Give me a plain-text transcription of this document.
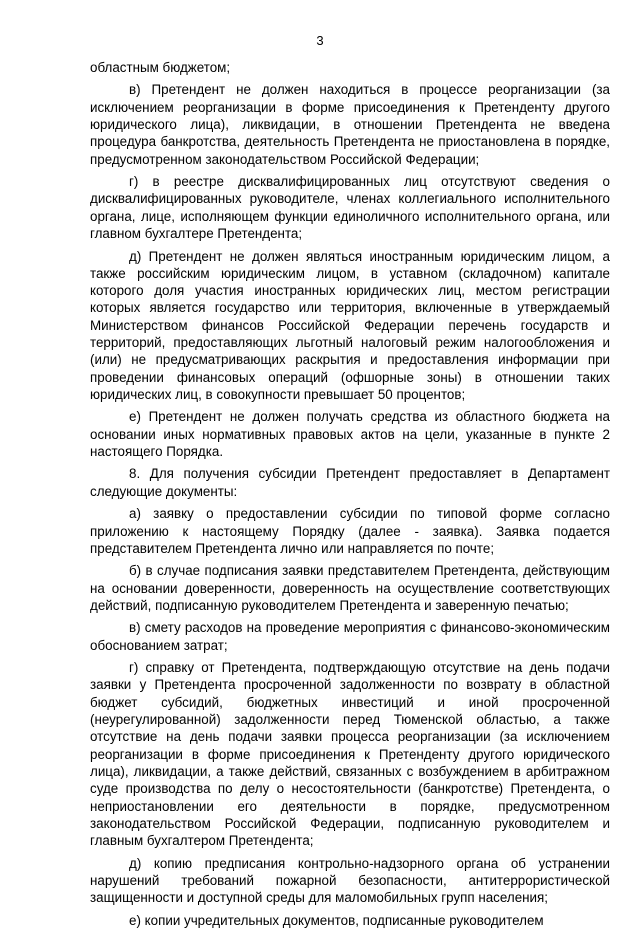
3

областным бюджетом;

в) Претендент не должен находиться в процессе реорганизации (за исключением реорганизации в форме присоединения к Претенденту другого юридического лица), ликвидации, в отношении Претендента не введена процедура банкротства, деятельность Претендента не приостановлена в порядке, предусмотренном законодательством Российской Федерации;

г) в реестре дисквалифицированных лиц отсутствуют сведения о дисквалифицированных руководителе, членах коллегиального исполнительного органа, лице, исполняющем функции единоличного исполнительного органа, или главном бухгалтере Претендента;

д) Претендент не должен являться иностранным юридическим лицом, а также российским юридическим лицом, в уставном (складочном) капитале которого доля участия иностранных юридических лиц, местом регистрации которых является государство или территория, включенные в утверждаемый Министерством финансов Российской Федерации перечень государств и территорий, предоставляющих льготный налоговый режим налогообложения и (или) не предусматривающих раскрытия и предоставления информации при проведении финансовых операций (офшорные зоны) в отношении таких юридических лиц, в совокупности превышает 50 процентов;

е) Претендент не должен получать средства из областного бюджета на основании иных нормативных правовых актов на цели, указанные в пункте 2 настоящего Порядка.

8. Для получения субсидии Претендент предоставляет в Департамент следующие документы:

а) заявку о предоставлении субсидии по типовой форме согласно приложению к настоящему Порядку (далее - заявка). Заявка подается представителем Претендента лично или направляется по почте;

б) в случае подписания заявки представителем Претендента, действующим на основании доверенности, доверенность на осуществление соответствующих действий, подписанную руководителем Претендента и заверенную печатью;

в) смету расходов на проведение мероприятия с финансово-экономическим обоснованием затрат;

г) справку от Претендента, подтверждающую отсутствие на день подачи заявки у Претендента просроченной задолженности по возврату в областной бюджет субсидий, бюджетных инвестиций и иной просроченной (неурегулированной) задолженности перед Тюменской областью, а также отсутствие на день подачи заявки процесса реорганизации (за исключением реорганизации в форме присоединения к Претенденту другого юридического лица), ликвидации, а также действий, связанных с возбуждением в арбитражном суде производства по делу о несостоятельности (банкротстве) Претендента, о неприостановлении его деятельности в порядке, предусмотренном законодательством Российской Федерации, подписанную руководителем и главным бухгалтером Претендента;

д) копию предписания контрольно-надзорного органа об устранении нарушений требований пожарной безопасности, антитеррористической защищенности и доступной среды для маломобильных групп населения;

е) копии учредительных документов, подписанные руководителем
